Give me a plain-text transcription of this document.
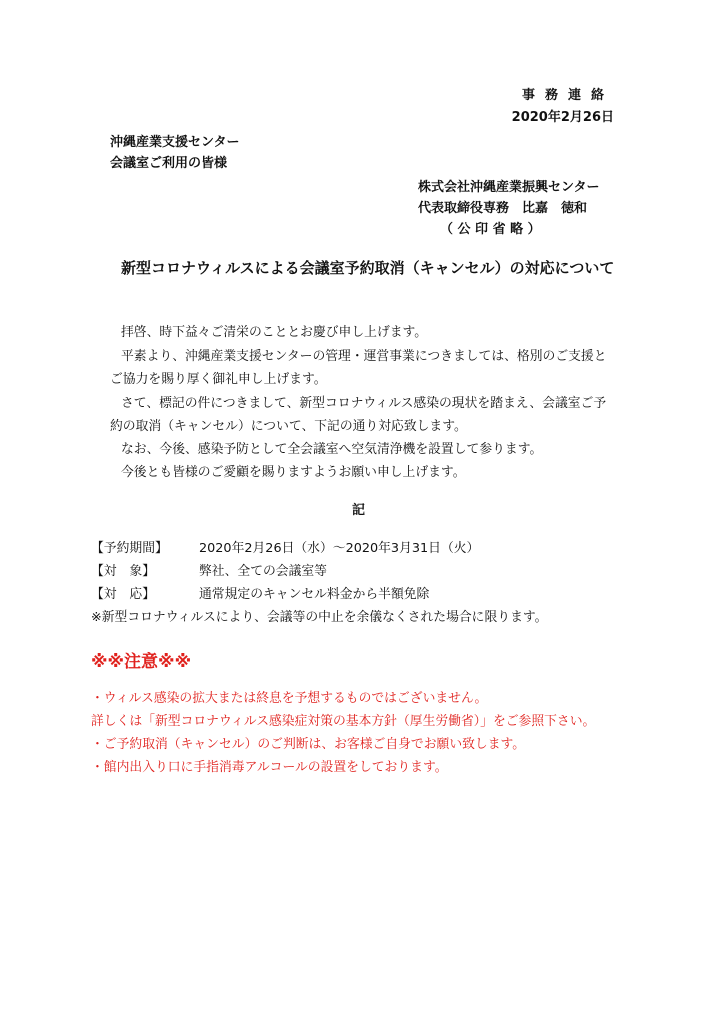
事務連絡
2020年2月26日
沖縄産業支援センター
会議室ご利用の皆様
株式会社沖縄産業振興センター
代表取締役専務　比嘉　徳和
（ 公 印 省 略 ）
新型コロナウィルスによる会議室予約取消（キャンセル）の対応について
拝啓、時下益々ご清栄のこととお慶び申し上げます。
平素より、沖縄産業支援センターの管理・運営事業につきましては、格別のご支援と
ご協力を賜り厚く御礼申し上げます。
さて、標記の件につきまして、新型コロナウィルス感染の現状を踏まえ、会議室ご予
約の取消（キャンセル）について、下記の通り対応致します。
なお、今後、感染予防として全会議室へ空気清浄機を設置して参ります。
今後とも皆様のご愛顧を賜りますようお願い申し上げます。
記
【予約期間】 2020年2月26日（水）～2020年3月31日（火）
【対　象】	弊社、全ての会議室等
【対　応】	通常規定のキャンセル料金から半額免除
※新型コロナウィルスにより、会議等の中止を余儀なくされた場合に限ります。
※※注意※※
・ウィルス感染の拡大または終息を予想するものではございません。
詳しくは「新型コロナウィルス感染症対策の基本方針（厚生労働省）」をご参照下さい。
・ご予約取消（キャンセル）のご判断は、お客様ご自身でお願い致します。
・館内出入り口に手指消毒アルコールの設置をしております。
